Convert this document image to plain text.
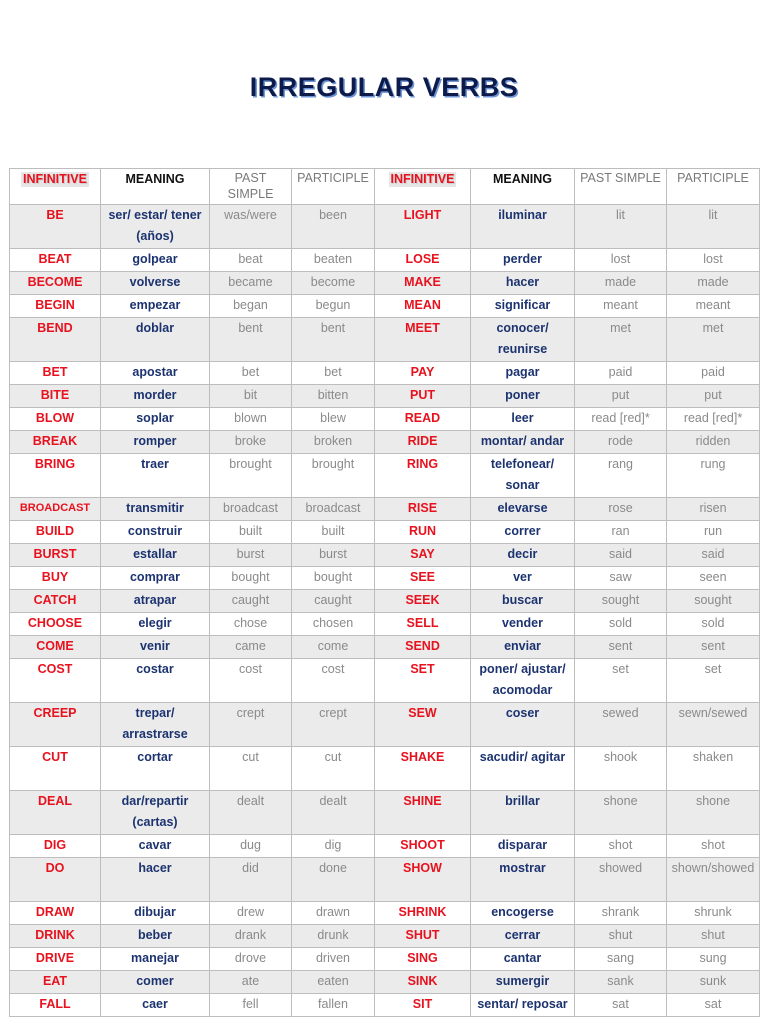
IRREGULAR VERBS
INFINITIVE	MEANING	PAST SIMPLE	PARTICIPLE	INFINITIVE	MEANING	PAST SIMPLE	PARTICIPLE
BE	ser/ estar/ tener (años)	was/were	been	LIGHT	iluminar	lit	lit
BEAT	golpear	beat	beaten	LOSE	perder	lost	lost
BECOME	volverse	became	become	MAKE	hacer	made	made
BEGIN	empezar	began	begun	MEAN	significar	meant	meant
BEND	doblar	bent	bent	MEET	conocer/ reunirse	met	met
BET	apostar	bet	bet	PAY	pagar	paid	paid
BITE	morder	bit	bitten	PUT	poner	put	put
BLOW	soplar	blown	blew	READ	leer	read [red]*	read [red]*
BREAK	romper	broke	broken	RIDE	montar/ andar	rode	ridden
BRING	traer	brought	brought	RING	telefonear/ sonar	rang	rung
BROADCAST	transmitir	broadcast	broadcast	RISE	elevarse	rose	risen
BUILD	construir	built	built	RUN	correr	ran	run
BURST	estallar	burst	burst	SAY	decir	said	said
BUY	comprar	bought	bought	SEE	ver	saw	seen
CATCH	atrapar	caught	caught	SEEK	buscar	sought	sought
CHOOSE	elegir	chose	chosen	SELL	vender	sold	sold
COME	venir	came	come	SEND	enviar	sent	sent
COST	costar	cost	cost	SET	poner/ ajustar/ acomodar	set	set
CREEP	trepar/ arrastrarse	crept	crept	SEW	coser	sewed	sewn/sewed
CUT	cortar	cut	cut	SHAKE	sacudir/ agitar	shook	shaken
DEAL	dar/repartir (cartas)	dealt	dealt	SHINE	brillar	shone	shone
DIG	cavar	dug	dig	SHOOT	disparar	shot	shot
DO	hacer	did	done	SHOW	mostrar	showed	shown/showed
DRAW	dibujar	drew	drawn	SHRINK	encogerse	shrank	shrunk
DRINK	beber	drank	drunk	SHUT	cerrar	shut	shut
DRIVE	manejar	drove	driven	SING	cantar	sang	sung
EAT	comer	ate	eaten	SINK	sumergir	sank	sunk
FALL	caer	fell	fallen	SIT	sentar/ reposar	sat	sat
